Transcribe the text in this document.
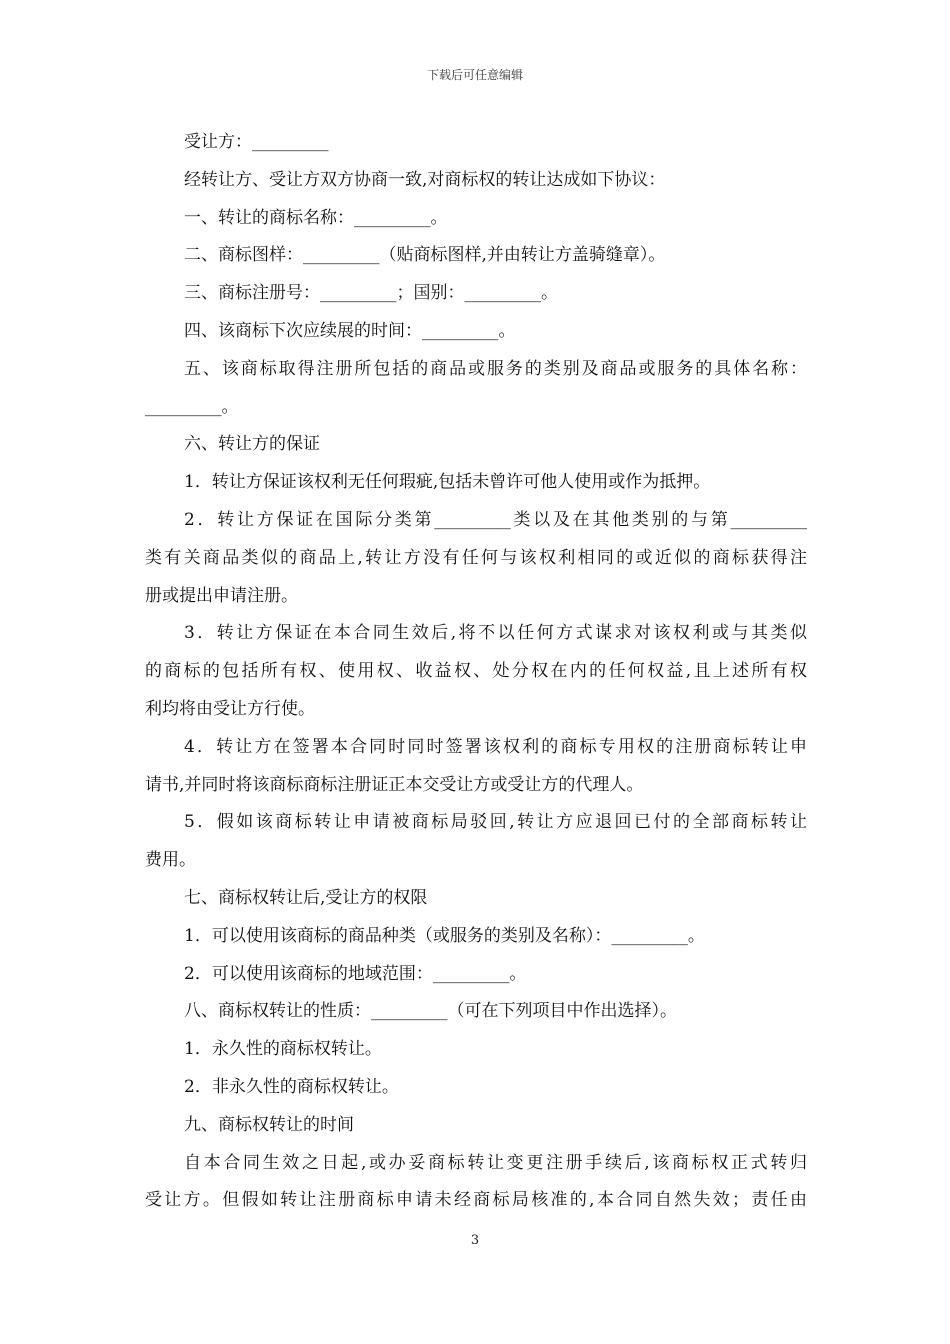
下载后可任意编辑
受让方：_________
经转让方、受让方双方协商一致,对商标权的转让达成如下协议：
一、转让的商标名称：_________。
二、商标图样：_________（贴商标图样,并由转让方盖骑缝章）。
三、商标注册号：_________；国别：_________。
四、该商标下次应续展的时间：_________。
五、该商标取得注册所包括的商品或服务的类别及商品或服务的具体名称：
_________。
六、转让方的保证
1．转让方保证该权利无任何瑕疵,包括未曾许可他人使用或作为抵押。
2．转让方保证在国际分类第_________类以及在其他类别的与第_________
类有关商品类似的商品上,转让方没有任何与该权利相同的或近似的商标获得注
册或提出申请注册。
3．转让方保证在本合同生效后,将不以任何方式谋求对该权利或与其类似
的商标的包括所有权、使用权、收益权、处分权在内的任何权益,且上述所有权
利均将由受让方行使。
4．转让方在签署本合同时同时签署该权利的商标专用权的注册商标转让申
请书,并同时将该商标商标注册证正本交受让方或受让方的代理人。
5．假如该商标转让申请被商标局驳回,转让方应退回已付的全部商标转让
费用。
七、商标权转让后,受让方的权限
1．可以使用该商标的商品种类（或服务的类别及名称）：_________。
2．可以使用该商标的地域范围：_________。
八、商标权转让的性质：_________（可在下列项目中作出选择）。
1．永久性的商标权转让。
2．非永久性的商标权转让。
九、商标权转让的时间
自本合同生效之日起,或办妥商标转让变更注册手续后,该商标权正式转归
受让方。但假如转让注册商标申请未经商标局核准的,本合同自然失效；责任由
3
